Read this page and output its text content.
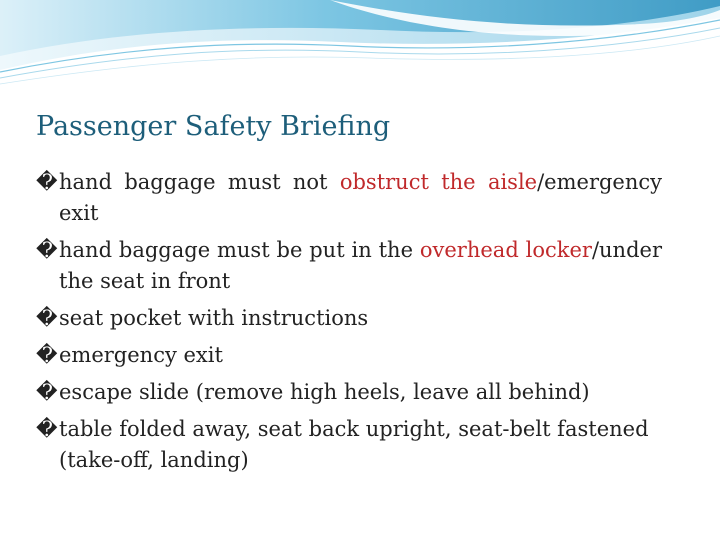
Passenger Safety Briefing
� hand baggage must not obstruct the aisle/emergency exit
� hand baggage must be put in the overhead locker/under the seat in front
� seat pocket with instructions
� emergency exit
� escape slide (remove high heels, leave all behind)
� table folded away, seat back upright, seat-belt fastened (take-off, landing)
